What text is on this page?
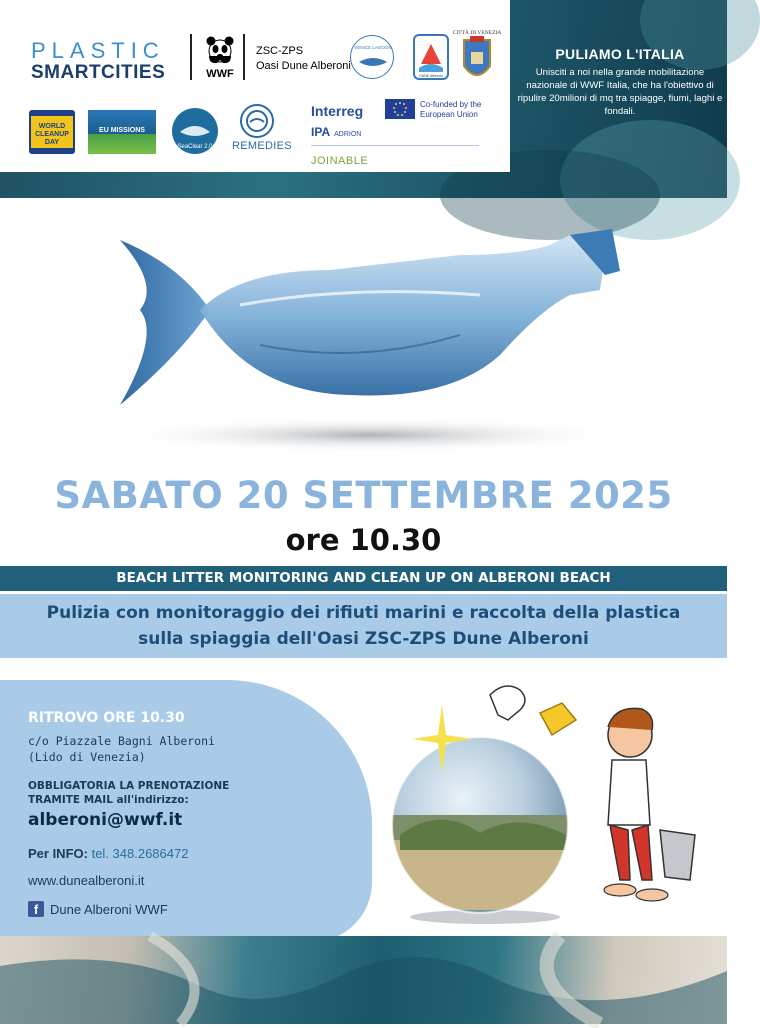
PLASTIC
SMARTCITIES	WWF
ZSC-ZPS
Oasi Dune Alberoni
VENICE LAGOON
DUNE Alberoni
CITTÀ DI VENEZIA
WORLD
CLEANUP
DAY
EU MISSIONS
SeaClear 2.0 REMEDIES
Interreg	Co-funded by the European Union
IPA ADRION
JOINABLE
PULIAMO L'ITALIA

Unisciti a noi nella grande mobilitazione nazionale di WWF Italia, che ha l'obiettivo di ripulire 20milioni di mq tra spiagge, fiumi, laghi e fondali.

SABATO 20 SETTEMBRE 2025
ore 10.30
BEACH LITTER MONITORING AND CLEAN UP ON ALBERONI BEACH
Pulizia con monitoraggio dei rifiuti marini e raccolta della plastica
sulla spiaggia dell'Oasi ZSC-ZPS Dune Alberoni
RITROVO ORE 10.30
c/o Piazzale Bagni Alberoni
(Lido di Venezia)
OBBLIGATORIA LA PRENOTAZIONE
TRAMITE MAIL all'indirizzo:
alberoni@wwf.it
Per INFO: tel. 348.2686472
www.dunealberoni.it
f Dune Alberoni WWF
